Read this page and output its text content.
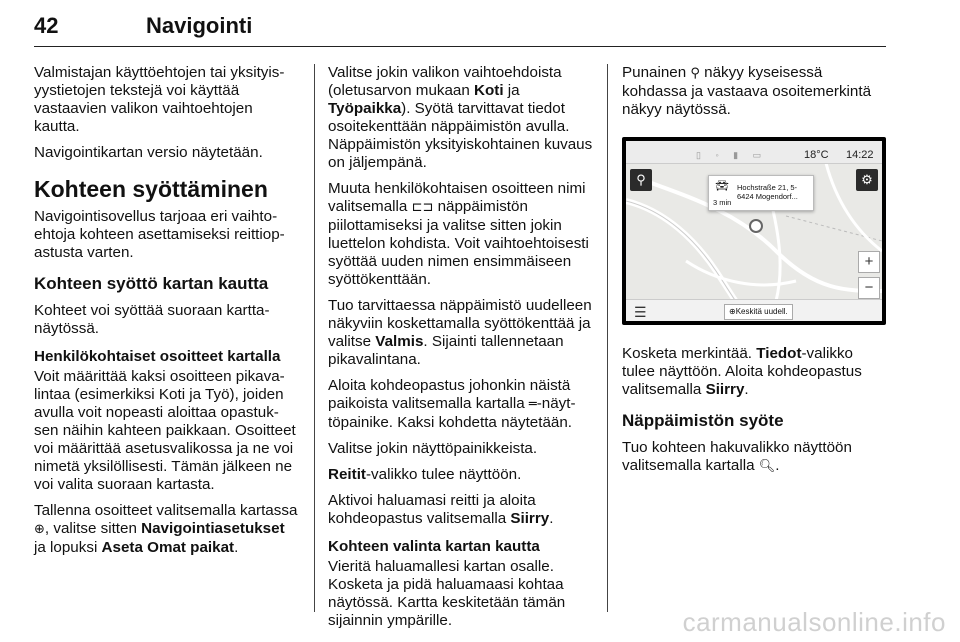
42	Navigointi

Valmistajan käyttöehtojen tai yksityisyystietojen tekstejä voi käyttää vastaavien valikon vaihtoehtojen kautta.

Navigointikartan versio näytetään.

Kohteen syöttäminen

Navigointisovellus tarjoaa eri vaihtoehtoja kohteen asettamiseksi reittiopastusta varten.

Kohteen syöttö kartan kautta

Kohteet voi syöttää suoraan karttanäytössä.

Henkilökohtaiset osoitteet kartalla

Voit määrittää kaksi osoitteen pikavalintaa (esimerkiksi Koti ja Työ), joiden avulla voit nopeasti aloittaa opastuksen näihin kahteen paikkaan. Osoitteet voi määrittää asetusvalikossa ja ne voi nimetä yksilöllisesti. Tämän jälkeen ne voi valita suoraan kartasta.

Tallenna osoitteet valitsemalla kartassa ⊕, valitse sitten Navigointiasetukset ja lopuksi Aseta Omat paikat.

Valitse jokin valikon vaihtoehdoista (oletusarvon mukaan Koti ja Työpaikka). Syötä tarvittavat tiedot osoitekenttään näppäimistön avulla. Näppäimistön yksityiskohtainen kuvaus on jäljempänä.

Muuta henkilökohtaisen osoitteen nimi valitsemalla ⊏⊐ näppäimistön piilottamiseksi ja valitse sitten jokin luettelon kohdista. Voit vaihtoehtoisesti syöttää uuden nimen ensimmäiseen syöttökenttään.

Tuo tarvittaessa näppäimistö uudelleen näkyviin koskettamalla syöttökenttää ja valitse Valmis. Sijainti tallennetaan pikavalintana.

Aloita kohdeopastus johonkin näistä paikoista valitsemalla kartalla ═-näyttöpainike. Kaksi kohdetta näytetään.

Valitse jokin näyttöpainikkeista.

Reitit-valikko tulee näyttöön.

Aktivoi haluamasi reitti ja aloita kohdeopastus valitsemalla Siirry.

Kohteen valinta kartan kautta

Vieritä haluamallesi kartan osalle. Kosketa ja pidä haluamaasi kohtaa näytössä. Kartta keskitetään tämän sijainnin ympärille.

Punainen ⚲ näkyy kyseisessä kohdassa ja vastaava osoitemerkintä näkyy näytössä.

▯ ◦ ▮ ▭	18°C 14:22
⚲	⚙
🚘︎
3 min
Hochstraße 21, 5-
6424 Mogendorf...
+
−
☰	⊕Keskitä uudell.

Kosketa merkintää. Tiedot-valikko tulee näyttöön. Aloita kohdeopastus valitsemalla Siirry.

Näppäimistön syöte

Tuo kohteen hakuvalikko näyttöön valitsemalla kartalla 🔍︎.

carmanualsonline.info
